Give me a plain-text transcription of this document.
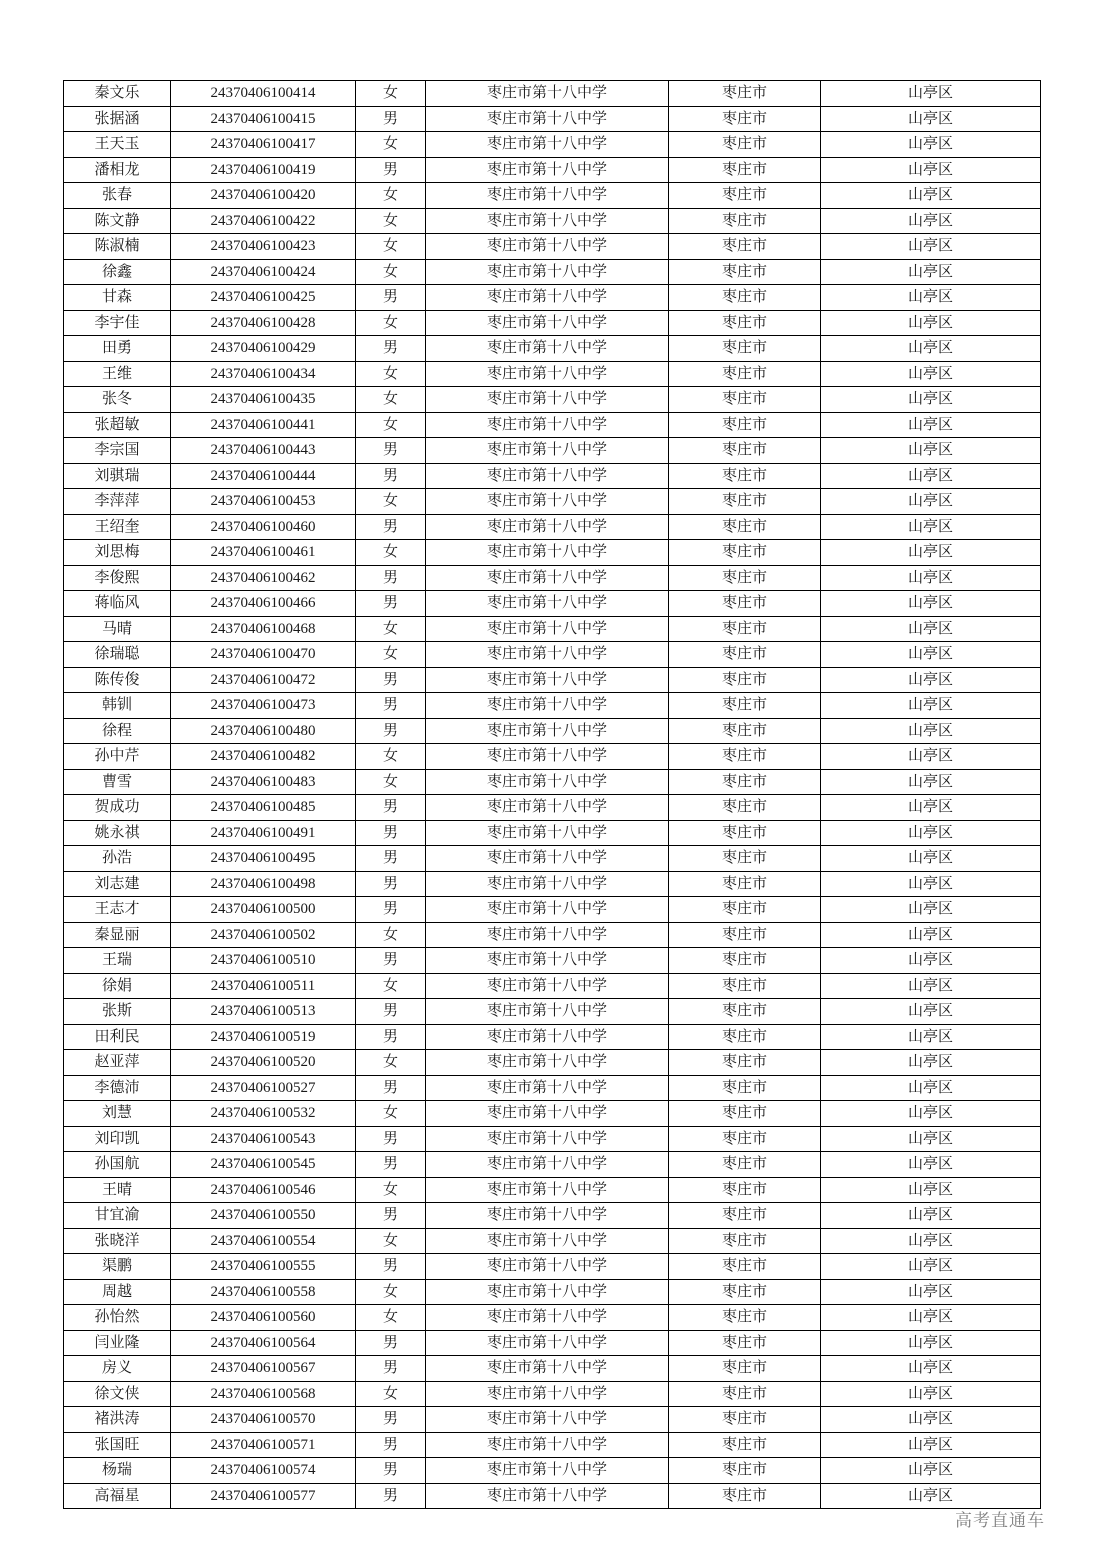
秦文乐	24370406100414	女	枣庄市第十八中学	枣庄市	山亭区
张据涵	24370406100415	男	枣庄市第十八中学	枣庄市	山亭区
王天玉	24370406100417	女	枣庄市第十八中学	枣庄市	山亭区
潘相龙	24370406100419	男	枣庄市第十八中学	枣庄市	山亭区
张春	24370406100420	女	枣庄市第十八中学	枣庄市	山亭区
陈文静	24370406100422	女	枣庄市第十八中学	枣庄市	山亭区
陈淑楠	24370406100423	女	枣庄市第十八中学	枣庄市	山亭区
徐鑫	24370406100424	女	枣庄市第十八中学	枣庄市	山亭区
甘森	24370406100425	男	枣庄市第十八中学	枣庄市	山亭区
李宇佳	24370406100428	女	枣庄市第十八中学	枣庄市	山亭区
田勇	24370406100429	男	枣庄市第十八中学	枣庄市	山亭区
王维	24370406100434	女	枣庄市第十八中学	枣庄市	山亭区
张冬	24370406100435	女	枣庄市第十八中学	枣庄市	山亭区
张超敏	24370406100441	女	枣庄市第十八中学	枣庄市	山亭区
李宗国	24370406100443	男	枣庄市第十八中学	枣庄市	山亭区
刘骐瑞	24370406100444	男	枣庄市第十八中学	枣庄市	山亭区
李萍萍	24370406100453	女	枣庄市第十八中学	枣庄市	山亭区
王绍奎	24370406100460	男	枣庄市第十八中学	枣庄市	山亭区
刘思梅	24370406100461	女	枣庄市第十八中学	枣庄市	山亭区
李俊熙	24370406100462	男	枣庄市第十八中学	枣庄市	山亭区
蒋临风	24370406100466	男	枣庄市第十八中学	枣庄市	山亭区
马晴	24370406100468	女	枣庄市第十八中学	枣庄市	山亭区
徐瑞聪	24370406100470	女	枣庄市第十八中学	枣庄市	山亭区
陈传俊	24370406100472	男	枣庄市第十八中学	枣庄市	山亭区
韩钏	24370406100473	男	枣庄市第十八中学	枣庄市	山亭区
徐程	24370406100480	男	枣庄市第十八中学	枣庄市	山亭区
孙中芹	24370406100482	女	枣庄市第十八中学	枣庄市	山亭区
曹雪	24370406100483	女	枣庄市第十八中学	枣庄市	山亭区
贺成功	24370406100485	男	枣庄市第十八中学	枣庄市	山亭区
姚永祺	24370406100491	男	枣庄市第十八中学	枣庄市	山亭区
孙浩	24370406100495	男	枣庄市第十八中学	枣庄市	山亭区
刘志建	24370406100498	男	枣庄市第十八中学	枣庄市	山亭区
王志才	24370406100500	男	枣庄市第十八中学	枣庄市	山亭区
秦显丽	24370406100502	女	枣庄市第十八中学	枣庄市	山亭区
王瑞	24370406100510	男	枣庄市第十八中学	枣庄市	山亭区
徐娟	24370406100511	女	枣庄市第十八中学	枣庄市	山亭区
张斯	24370406100513	男	枣庄市第十八中学	枣庄市	山亭区
田利民	24370406100519	男	枣庄市第十八中学	枣庄市	山亭区
赵亚萍	24370406100520	女	枣庄市第十八中学	枣庄市	山亭区
李德沛	24370406100527	男	枣庄市第十八中学	枣庄市	山亭区
刘慧	24370406100532	女	枣庄市第十八中学	枣庄市	山亭区
刘印凯	24370406100543	男	枣庄市第十八中学	枣庄市	山亭区
孙国航	24370406100545	男	枣庄市第十八中学	枣庄市	山亭区
王晴	24370406100546	女	枣庄市第十八中学	枣庄市	山亭区
甘宜渝	24370406100550	男	枣庄市第十八中学	枣庄市	山亭区
张晓洋	24370406100554	女	枣庄市第十八中学	枣庄市	山亭区
渠鹏	24370406100555	男	枣庄市第十八中学	枣庄市	山亭区
周越	24370406100558	女	枣庄市第十八中学	枣庄市	山亭区
孙怡然	24370406100560	女	枣庄市第十八中学	枣庄市	山亭区
闫业隆	24370406100564	男	枣庄市第十八中学	枣庄市	山亭区
房义	24370406100567	男	枣庄市第十八中学	枣庄市	山亭区
徐文侠	24370406100568	女	枣庄市第十八中学	枣庄市	山亭区
褚洪涛	24370406100570	男	枣庄市第十八中学	枣庄市	山亭区
张国旺	24370406100571	男	枣庄市第十八中学	枣庄市	山亭区
杨瑞	24370406100574	男	枣庄市第十八中学	枣庄市	山亭区
高福星	24370406100577	男	枣庄市第十八中学	枣庄市	山亭区
高考直通车
